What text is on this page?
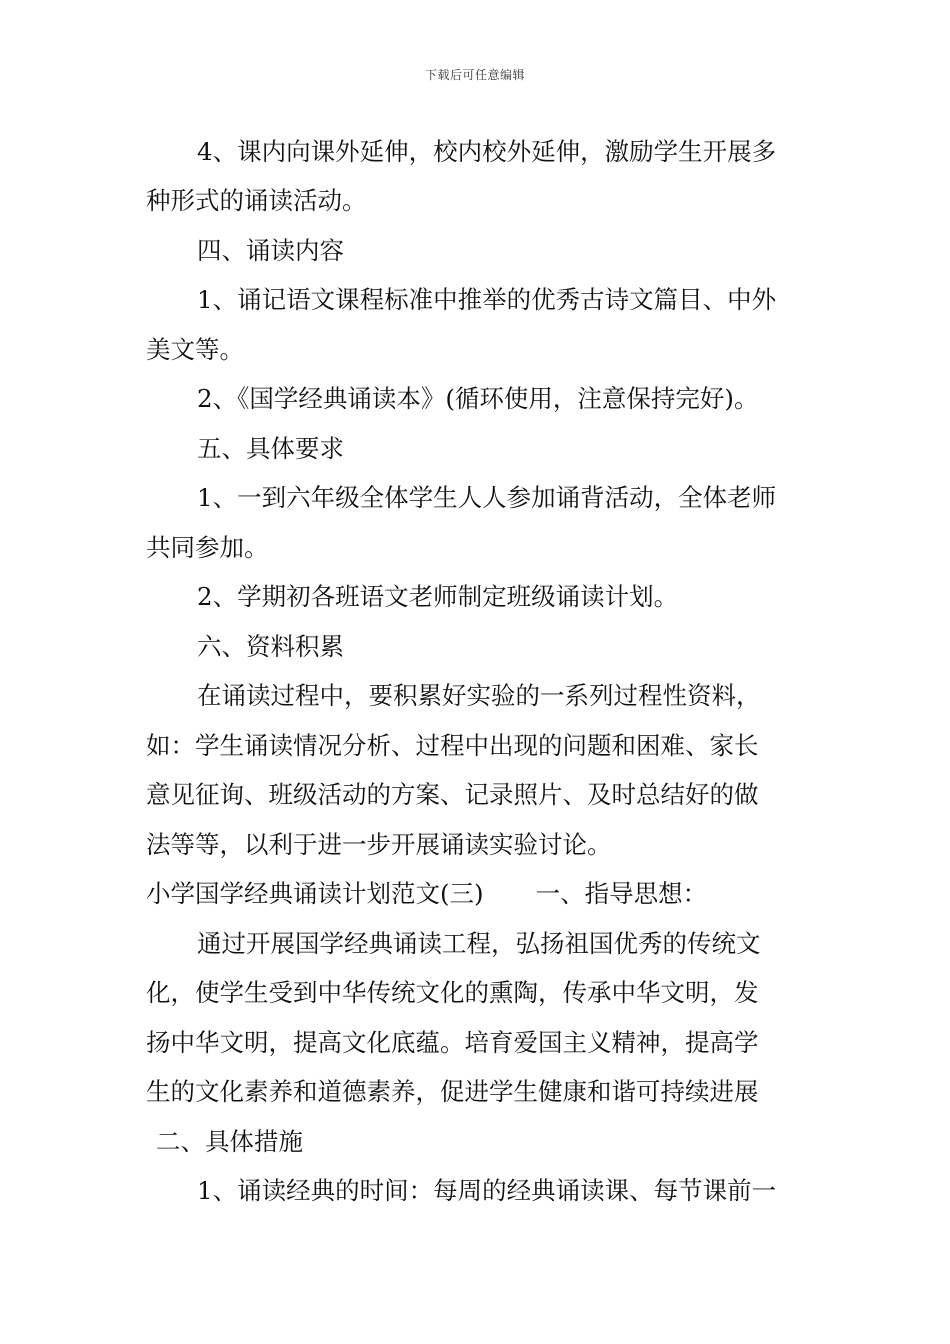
下载后可任意编辑
4、课内向课外延伸，校内校外延伸，激励学生开展多
种形式的诵读活动。
四、诵读内容
1、诵记语文课程标准中推举的优秀古诗文篇目、中外
美文等。
2、《国学经典诵读本》(循环使用，注意保持完好)。
五、具体要求
1、一到六年级全体学生人人参加诵背活动，全体老师
共同参加。
2、学期初各班语文老师制定班级诵读计划。
六、资料积累
在诵读过程中，要积累好实验的一系列过程性资料，
如：学生诵读情况分析、过程中出现的问题和困难、家长
意见征询、班级活动的方案、记录照片、及时总结好的做
法等等，以利于进一步开展诵读实验讨论。
小学国学经典诵读计划范文(三) 一、指导思想：
通过开展国学经典诵读工程，弘扬祖国优秀的传统文
化，使学生受到中华传统文化的熏陶，传承中华文明，发
扬中华文明，提高文化底蕴。培育爱国主义精神，提高学
生的文化素养和道德素养，促进学生健康和谐可持续进展
二、具体措施
1、诵读经典的时间：每周的经典诵读课、每节课前一
